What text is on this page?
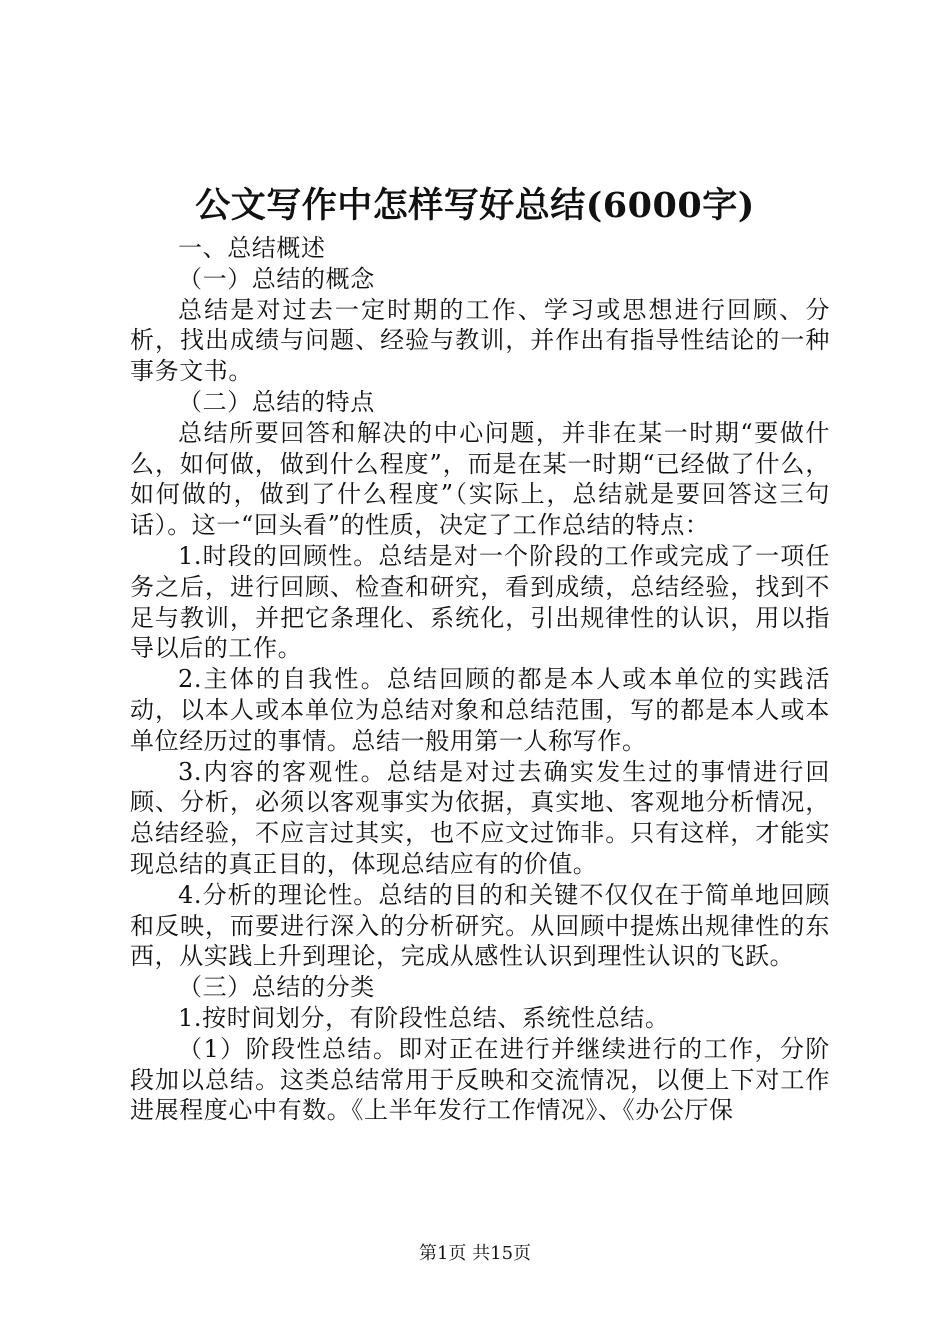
公文写作中怎样写好总结(6000字)

一、总结概述

（一）总结的概念

总结是对过去一定时期的工作、学习或思想进行回顾、分析，找出成绩与问题、经验与教训，并作出有指导性结论的一种事务文书。

（二）总结的特点

总结所要回答和解决的中心问题，并非在某一时期“要做什么，如何做，做到什么程度”，而是在某一时期“已经做了什么，如何做的，做到了什么程度”（实际上，总结就是要回答这三句话）。这一“回头看”的性质，决定了工作总结的特点：

1.时段的回顾性。总结是对一个阶段的工作或完成了一项任务之后，进行回顾、检查和研究，看到成绩，总结经验，找到不足与教训，并把它条理化、系统化，引出规律性的认识，用以指导以后的工作。

2.主体的自我性。总结回顾的都是本人或本单位的实践活动，以本人或本单位为总结对象和总结范围，写的都是本人或本单位经历过的事情。总结一般用第一人称写作。

3.内容的客观性。总结是对过去确实发生过的事情进行回顾、分析，必须以客观事实为依据，真实地、客观地分析情况，总结经验，不应言过其实，也不应文过饰非。只有这样，才能实现总结的真正目的，体现总结应有的价值。

4.分析的理论性。总结的目的和关键不仅仅在于简单地回顾和反映，而要进行深入的分析研究。从回顾中提炼出规律性的东西，从实践上升到理论，完成从感性认识到理性认识的飞跃。

（三）总结的分类

1.按时间划分，有阶段性总结、系统性总结。

（1）阶段性总结。即对正在进行并继续进行的工作，分阶段加以总结。这类总结常用于反映和交流情况，以便上下对工作进展程度心中有数。《上半年发行工作情况》、《办公厅保

第1页 共15页
